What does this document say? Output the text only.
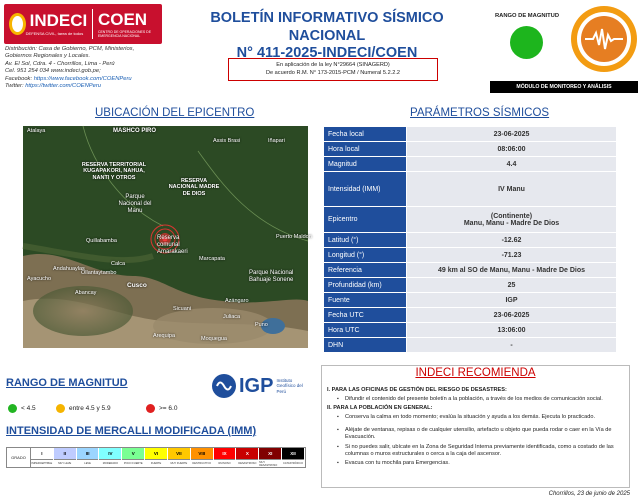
INDECI
DEFENSA CIVIL, tarea de todos
COEN
CENTRO DE OPERACIONES DE EMERGENCIA NACIONAL
Distribución: Casa de Gobierno, PCM, Ministerios,
Gobiernos Regionales y Locales.
Av. El Sol, Cdra. 4 - Chorrillos, Lima - Perú
Cel. 951 254 034 www.indeci.gob.pe;
Facebook: https://www.facebook.com/COENPeru
Twitter: https://twitter.com/COENPeru
BOLETÍN INFORMATIVO SÍSMICO NACIONAL
N° 411-2025-INDECI/COEN
En aplicación de la ley N°29664 (SINAGERD)
De acuerdo R.M. N° 173-2015-PCM / Numeral 5.2.2.2
RANGO DE MAGNITUD
MÓDULO DE MONITOREO Y ANÁLISIS
UBICACIÓN DEL EPICENTRO
Atalaya	MASHCO PIRO
Assis Brasi	Iñapari
RESERVA TERRITORIAL KUGAPAKORI, NAHUA, NANTI Y OTROS
RESERVA NACIONAL MADRE DE DIOS
Parque Nacional del Manu
Puerto Maldon
Reserva comunal Amarakaeri
Quillabamba
Calca
Ollantaytambo
Cusco
Abancay
Ayacucho
Andahuaylas
Parque Nacional Bahuaje Sonene
Sicuani
Puno
Juliaca
Arequipa	Moquegua
Azángaro
Marcapata
PARÁMETROS SÍSMICOS
Fecha local	23-06-2025
Hora local	08:06:00
Magnitud	4.4
Intensidad (IMM)	IV Manu
Epicentro	(Continente)
Manu, Manu - Madre De Dios

Latitud (°)	-12.62
Longitud (°)	-71.23
Referencia	49 km al SO de Manu, Manu - Madre De Dios
Profundidad (km)	25
Fuente	IGP
Fecha UTC	23-06-2025
Hora UTC	13:06:00
DHN	-
RANGO DE MAGNITUD
< 4.5	entre 4.5 y 5.9	>= 6.0
IGP Instituto Geofísico del Perú
INTENSIDAD DE MERCALLI MODIFICADA (IMM)
GRADO
I
IMPERCEPTIBLE
II
MUY LEVE
III
LEVE
IV
MODERADO
V
POCO FUERTE
VI
FUERTE
VII
MUY FUERTE
VIII
DESTRUCTIVO
IX
RUINOSO
X
DESASTROSO
XI
MUY DESASTROSO
XII
CATASTRÓFICO
INDECI RECOMIENDA
I. PARA LAS OFICINAS DE GESTIÓN DEL RIESGO DE DESASTRES:
▪ Difundir el contenido del presente boletín a la población, a través de los medios de comunicación social.
II. PARA LA POBLACIÓN EN GENERAL:
▪ Conserva la calma en todo momento; evalúa la situación y ayuda a los demás. Ejecuta lo practicado.
▪ Aléjate de ventanas, repisas o de cualquier utensilio, artefacto u objeto que pueda rodar o caer en la Vía de Evacuación.
▪ Si no puedes salir, ubícate en la Zona de Seguridad Interna previamente identificada, como a costado de las columnas o muros estructurales o cerca a la caja del ascensor.
▪ Evacua con tu mochila para Emergencias.
Chorrillos, 23 de junio de 2025
